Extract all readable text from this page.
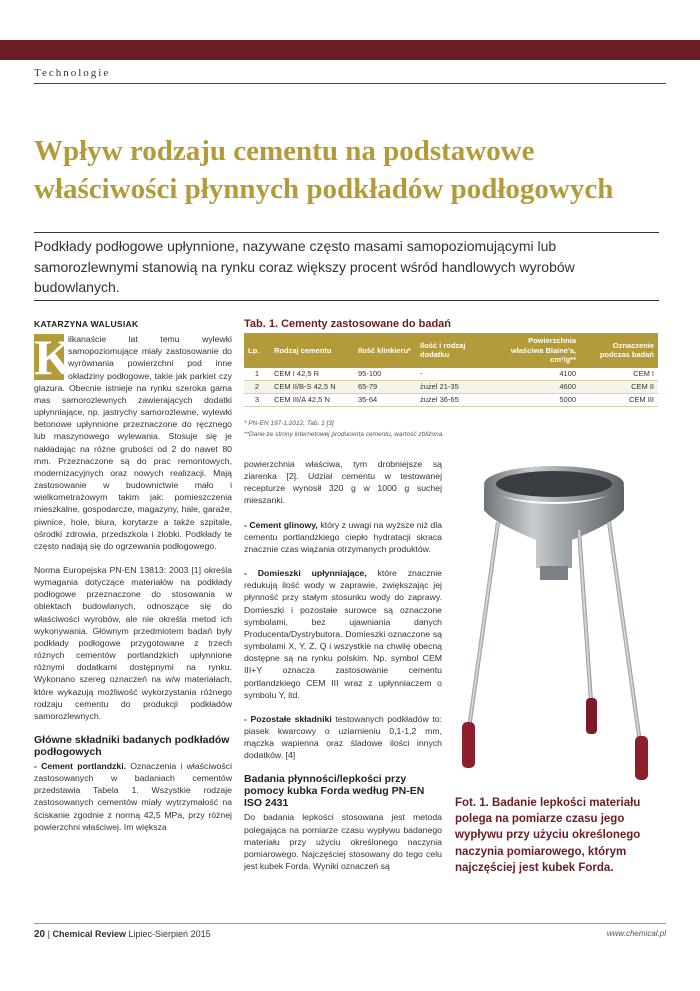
Technologie
Wpływ rodzaju cementu na podstawowe
właściwości płynnych podkładów podłogowych

Podkłady podłogowe upłynnione, nazywane często masami samopoziomującymi lub samorozlewnymi stanowią na rynku coraz większy procent wśród handlowych wyrobów budowlanych.

KATARZYNA WALUSIAK

K
ilkanaście lat temu wylewki samopoziomujące miały zastosowanie do wyrównania powierzchni pod inne okładziny podłogowe, takie jak parkiet czy glazura. Obecnie istnieje na rynku szeroka gama mas samorozlewnych zawierających dodatki upłynniające, np. jastrychy samorozlewne, wylewki betonowe upłynnione przeznaczone do ręcznego lub maszynowego wylewania. Stosuje się je nakładając na różne grubości od 2 do nawet 80 mm. Przeznaczone są do prac remontowych, modernizacyjnych oraz nowych realizacji. Mają zastosowanie w budownictwie mało i wielkometrażowym takim jak: pomieszczenia mieszkalne, gospodarcze, magazyny, hale, garaże, piwnice, hole, biura, korytarze a także szpitale, ośrodki zdrowia, przedszkola i żłobki. Podkłady te często nadają się do ogrzewania podłogowego.

Norma Europejska PN-EN 13813: 2003 [1] określa wymagania dotyczące materiałów na podkłady podłogowe przeznaczone do stosowania w obiektach budowlanych, odnoszące się do właściwości wyrobów, ale nie określa metod ich wykonywania. Głównym przedmiotem badań były podkłady podłogowe przygotowane z trzech różnych cementów portlandzkich upłynnione różnymi dodatkami dostępnymi na rynku. Wykonano szereg oznaczeń na w/w materiałach, które wykazują możliwość wykorzystania różnego rodzaju cementu do produkcji podkładów samorozlewnych.

Główne składniki badanych podkładów podłogowych

- Cement portlandzki. Oznaczenia i właściwości zastosowanych w badaniach cementów przedstawia Tabela 1. Wszystkie rodzaje zastosowanych cementów miały wytrzymałość na ściskanie zgodnie z normą 42,5 MPa, przy różnej powierzchni właściwej. Im większa

Tab. 1. Cementy zastosowane do badań
Lp.	Rodzaj cementu	Ilość klinkieru*	Ilość i rodzaj dodatku	Powierzchnia właściwa Blaine'a, cm²/g**	Oznaczenie podczas badań
1	CEM I 42,5 R	95-100	-	4100	CEM I
2	CEM II/B-S 42,5 N	65-79	żużel 21-35	4600	CEM II
3	CEM III/A 42,5 N	35-64	żużel 36-65	5000	CEM III
* PN-EN 197-1:2012, Tab. 1 [3]
**Dane ze strony internetowej producenta cementu, wartość zbliżona.

powierzchnia właściwa, tym drobniejsze są ziarenka [2]. Udział cementu w testowanej recepturze wynosił 320 g w 1000 g suchej mieszanki.

- Cement glinowy, który z uwagi na wyższe niż dla cementu portlandzkiego ciepło hydratacji skraca znacznie czas wiązania otrzymanych produktów.

- Domieszki upłynniające, które znacznie redukują ilość wody w zaprawie, zwiększając jej płynność przy stałym stosunku wody do zaprawy. Domieszki i pozostałe surowce są oznaczone symbolami, bez ujawniania danych Producenta/Dystrybutora. Domieszki oznaczone są symbolami X, Y, Z, Q i wszystkie na chwilę obecną dostępne są na rynku polskim. Np. symbol CEM III+Y oznacza zastosowanie cementu portlandzkiego CEM III wraz z upłynniaczem o symbolu Y, itd.

- Pozostałe składniki testowanych podkładów to: piasek kwarcowy o uziarnieniu 0,1-1,2 mm, mączka wapienna oraz śladowe ilości innych dodatków. [4]

Badania płynności/lepkości przy pomocy kubka Forda według PN-EN ISO 2431

Do badania lepkości stosowana jest metoda polegająca na pomiarze czasu wypływu badanego materiału przy użyciu określonego naczynia pomiarowego. Najczęściej stosowany do tego celu jest kubek Forda. Wyniki oznaczeń są

Fot. 1. Badanie lepkości materiału polega na pomiarze czasu jego wypływu przy użyciu określonego naczynia pomiarowego, którym najczęściej jest kubek Forda.
20 | Chemical Review Lipiec-Sierpień 2015	www.chemical.pl
